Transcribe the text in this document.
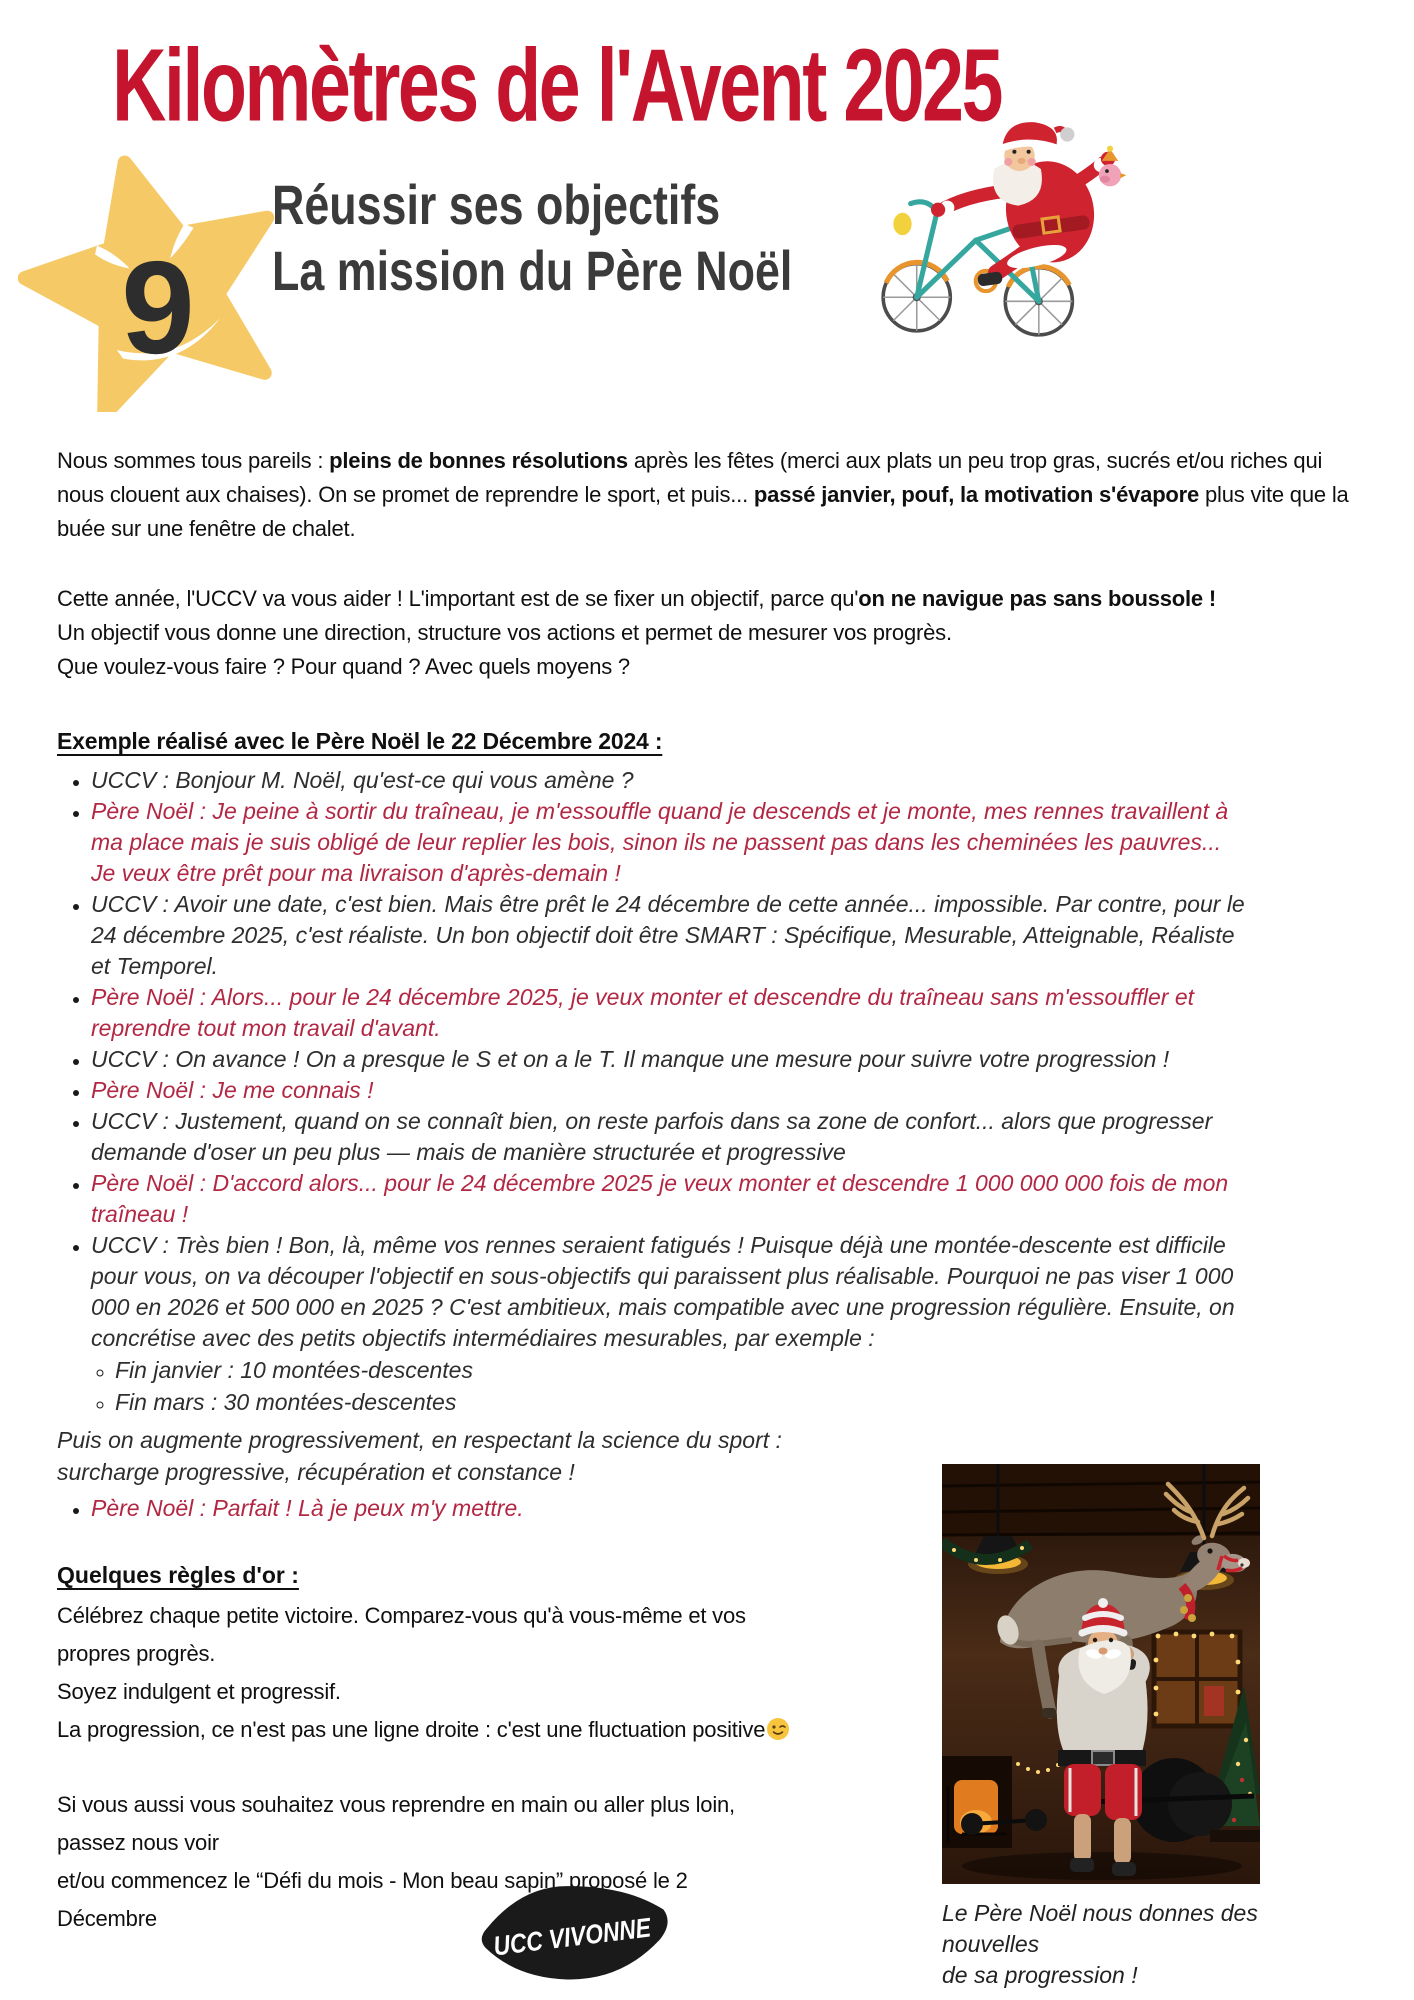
Kilomètres de l'Avent 2025
9
Réussir ses objectifs
La mission du Père Noël
Nous sommes tous pareils : pleins de bonnes résolutions après les fêtes (merci aux plats un peu trop gras, sucrés et/ou riches qui nous clouent aux chaises). On se promet de reprendre le sport, et puis... passé janvier, pouf, la motivation s'évapore plus vite que la buée sur une fenêtre de chalet.
Cette année, l'UCCV va vous aider ! L'important est de se fixer un objectif, parce qu'on ne navigue pas sans boussole !
Un objectif vous donne une direction, structure vos actions et permet de mesurer vos progrès.
Que voulez-vous faire ? Pour quand ? Avec quels moyens ?
Exemple réalisé avec le Père Noël le 22 Décembre 2024 :
• UCCV : Bonjour M. Noël, qu'est-ce qui vous amène ?
• Père Noël : Je peine à sortir du traîneau, je m'essouffle quand je descends et je monte, mes rennes travaillent à ma place mais je suis obligé de leur replier les bois, sinon ils ne passent pas dans les cheminées les pauvres... Je veux être prêt pour ma livraison d'après-demain !
• UCCV : Avoir une date, c'est bien. Mais être prêt le 24 décembre de cette année... impossible. Par contre, pour le 24 décembre 2025, c'est réaliste. Un bon objectif doit être SMART : Spécifique, Mesurable, Atteignable, Réaliste et Temporel.
• Père Noël : Alors... pour le 24 décembre 2025, je veux monter et descendre du traîneau sans m'essouffler et reprendre tout mon travail d'avant.
• UCCV : On avance ! On a presque le S et on a le T. Il manque une mesure pour suivre votre progression !
• Père Noël : Je me connais !
• UCCV : Justement, quand on se connaît bien, on reste parfois dans sa zone de confort... alors que progresser demande d'oser un peu plus — mais de manière structurée et progressive
• Père Noël : D'accord alors... pour le 24 décembre 2025 je veux monter et descendre 1 000 000 000 fois de mon traîneau !
• UCCV : Très bien ! Bon, là, même vos rennes seraient fatigués ! Puisque déjà une montée-descente est difficile pour vous, on va découper l'objectif en sous-objectifs qui paraissent plus réalisable. Pourquoi ne pas viser 1 000 000 en 2026 et 500 000 en 2025 ? C'est ambitieux, mais compatible avec une progression régulière. Ensuite, on concrétise avec des petits objectifs intermédiaires mesurables, par exemple :
◦ Fin janvier : 10 montées-descentes
◦ Fin mars : 30 montées-descentes
Puis on augmente progressivement, en respectant la science du sport :
surcharge progressive, récupération et constance !
• Père Noël : Parfait ! Là je peux m'y mettre.
Quelques règles d'or :
Célébrez chaque petite victoire. Comparez-vous qu'à vous-même et vos propres progrès.
Soyez indulgent et progressif.
La progression, ce n'est pas une ligne droite : c'est une fluctuation positive
Si vous aussi vous souhaitez vous reprendre en main ou aller plus loin, passez nous voir
et/ou commencez le “Défi du mois - Mon beau sapin” proposé le 2 Décembre	UCC VIVONNE	Le Père Noël nous donnes des nouvelles
de sa progression !
